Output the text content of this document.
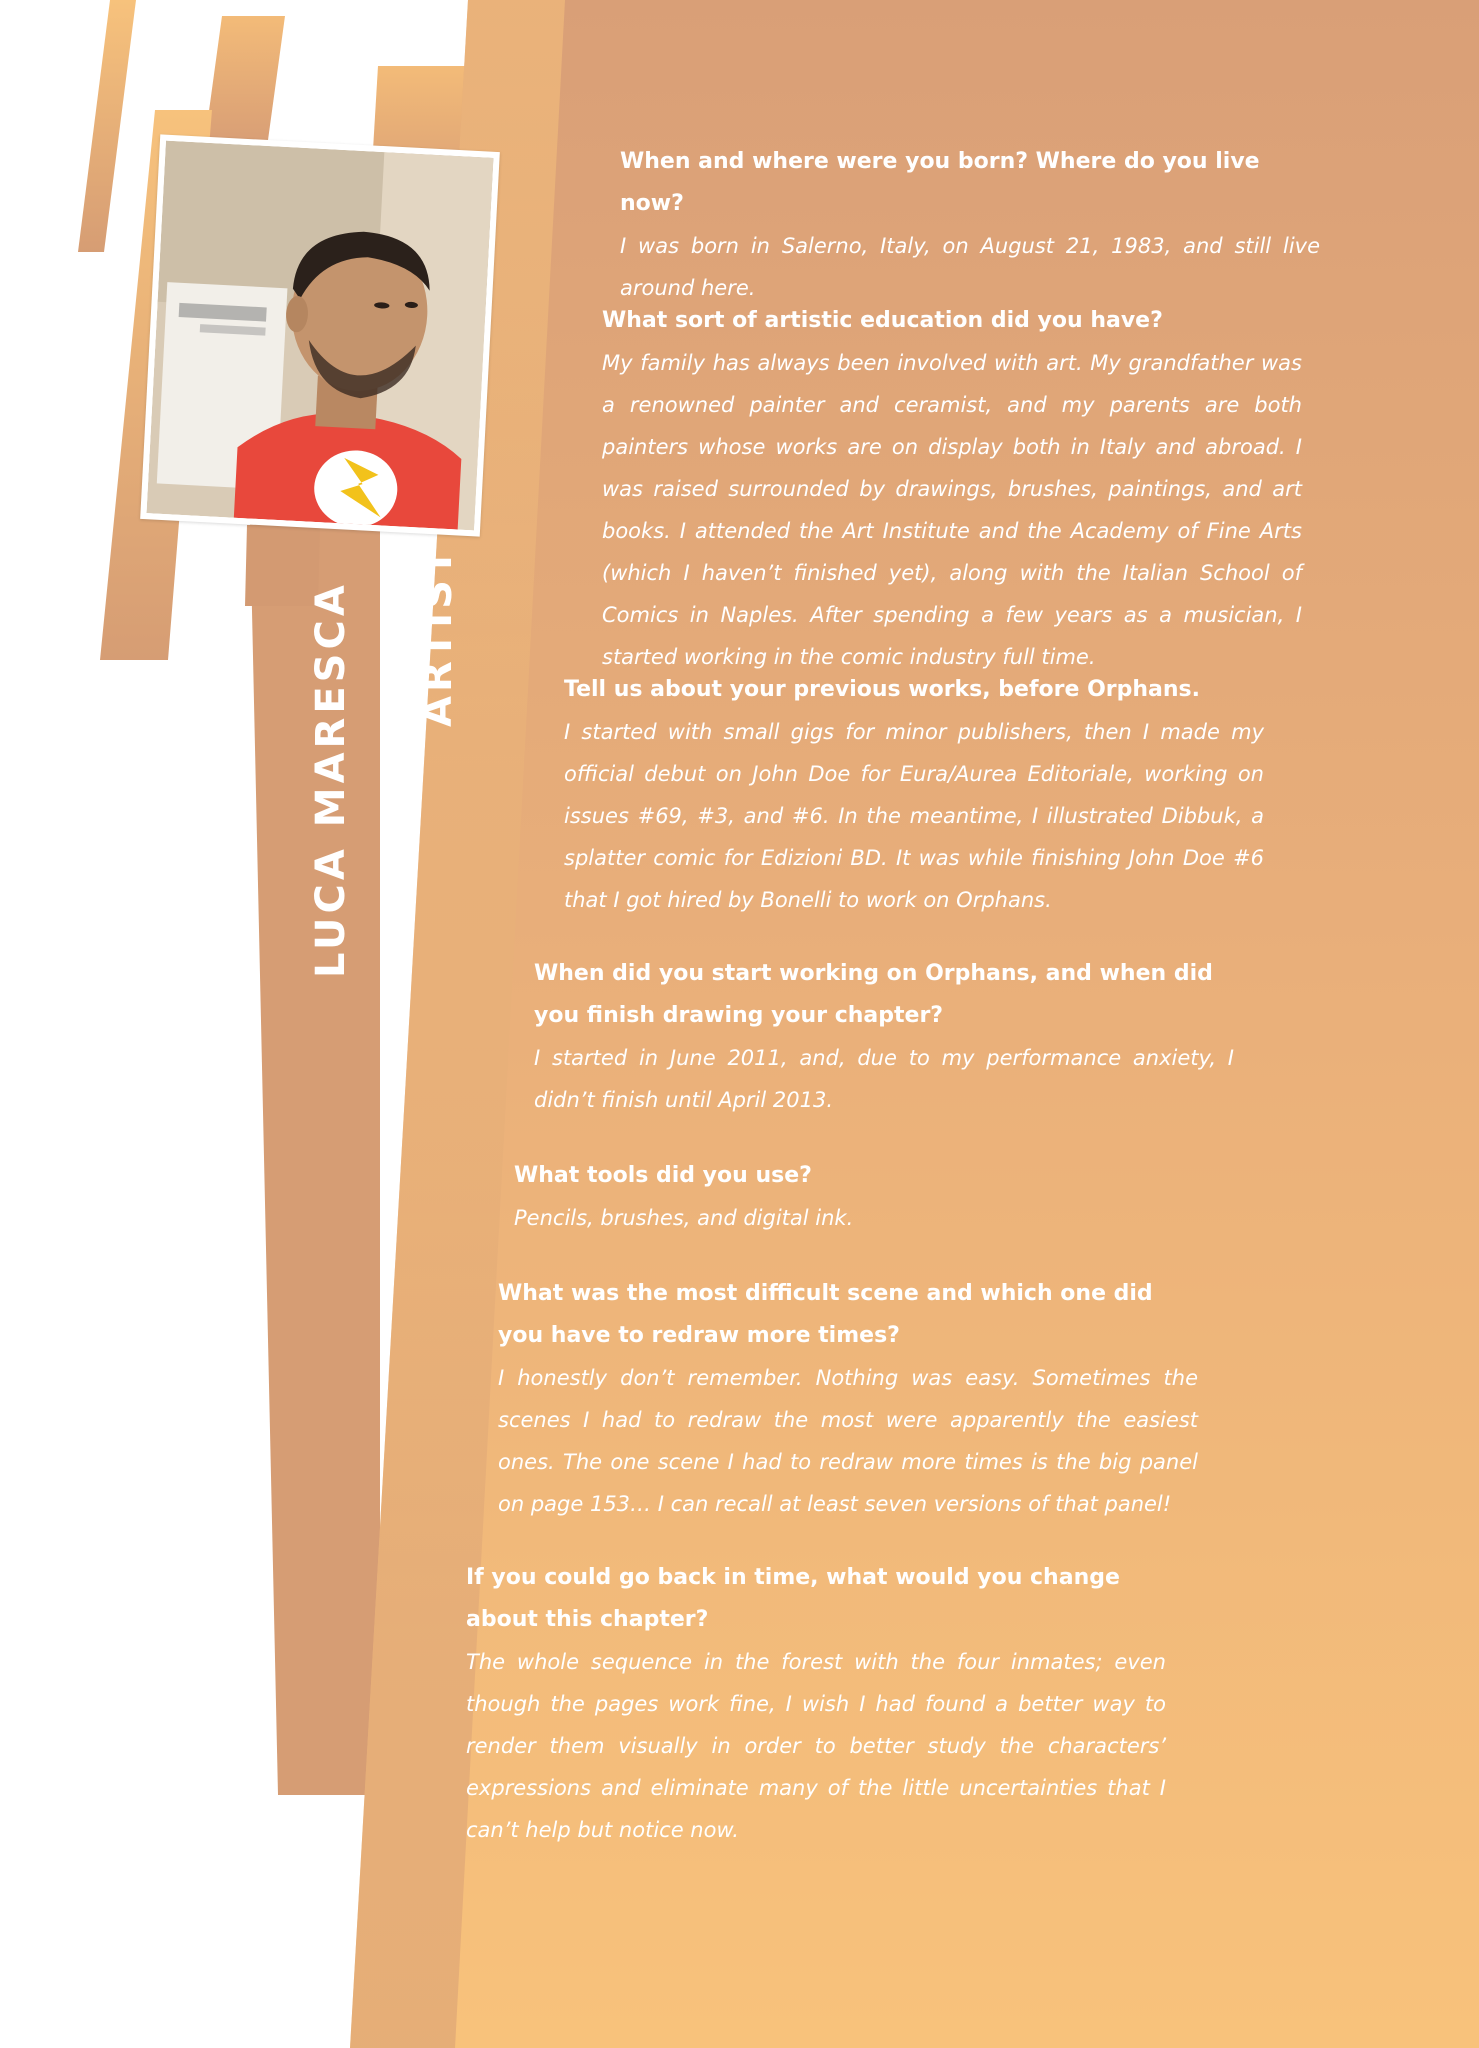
LUCA MARESCA ARTIST
When and where were you born? Where do you live now?
I was born in Salerno, Italy, on August 21, 1983, and still live around here.
What sort of artistic education did you have?
My family has always been involved with art. My grandfather was a renowned painter and ceramist, and my parents are both painters whose works are on display both in Italy and abroad. I was raised surrounded by drawings, brushes, paintings, and art books. I attended the Art Institute and the Academy of Fine Arts (which I haven’t finished yet), along with the Italian School of Comics in Naples. After spending a few years as a musician, I started working in the comic industry full time.
Tell us about your previous works, before Orphans.
I started with small gigs for minor publishers, then I made my official debut on John Doe for Eura/Aurea Editoriale, working on issues #69, #3, and #6. In the meantime, I illustrated Dibbuk, a splatter comic for Edizioni BD. It was while finishing John Doe #6 that I got hired by Bonelli to work on Orphans.
When did you start working on Orphans, and when did you finish drawing your chapter?
I started in June 2011, and, due to my performance anxiety, I didn’t finish until April 2013.
What tools did you use?
Pencils, brushes, and digital ink.
What was the most difficult scene and which one did you have to redraw more times?
I honestly don’t remember. Nothing was easy. Sometimes the scenes I had to redraw the most were apparently the easiest ones. The one scene I had to redraw more times is the big panel on page 153… I can recall at least seven versions of that panel!
If you could go back in time, what would you change about this chapter?
The whole sequence in the forest with the four inmates; even though the pages work fine, I wish I had found a better way to render them visually in order to better study the characters’ expressions and eliminate many of the little uncertainties that I can’t help but notice now.
